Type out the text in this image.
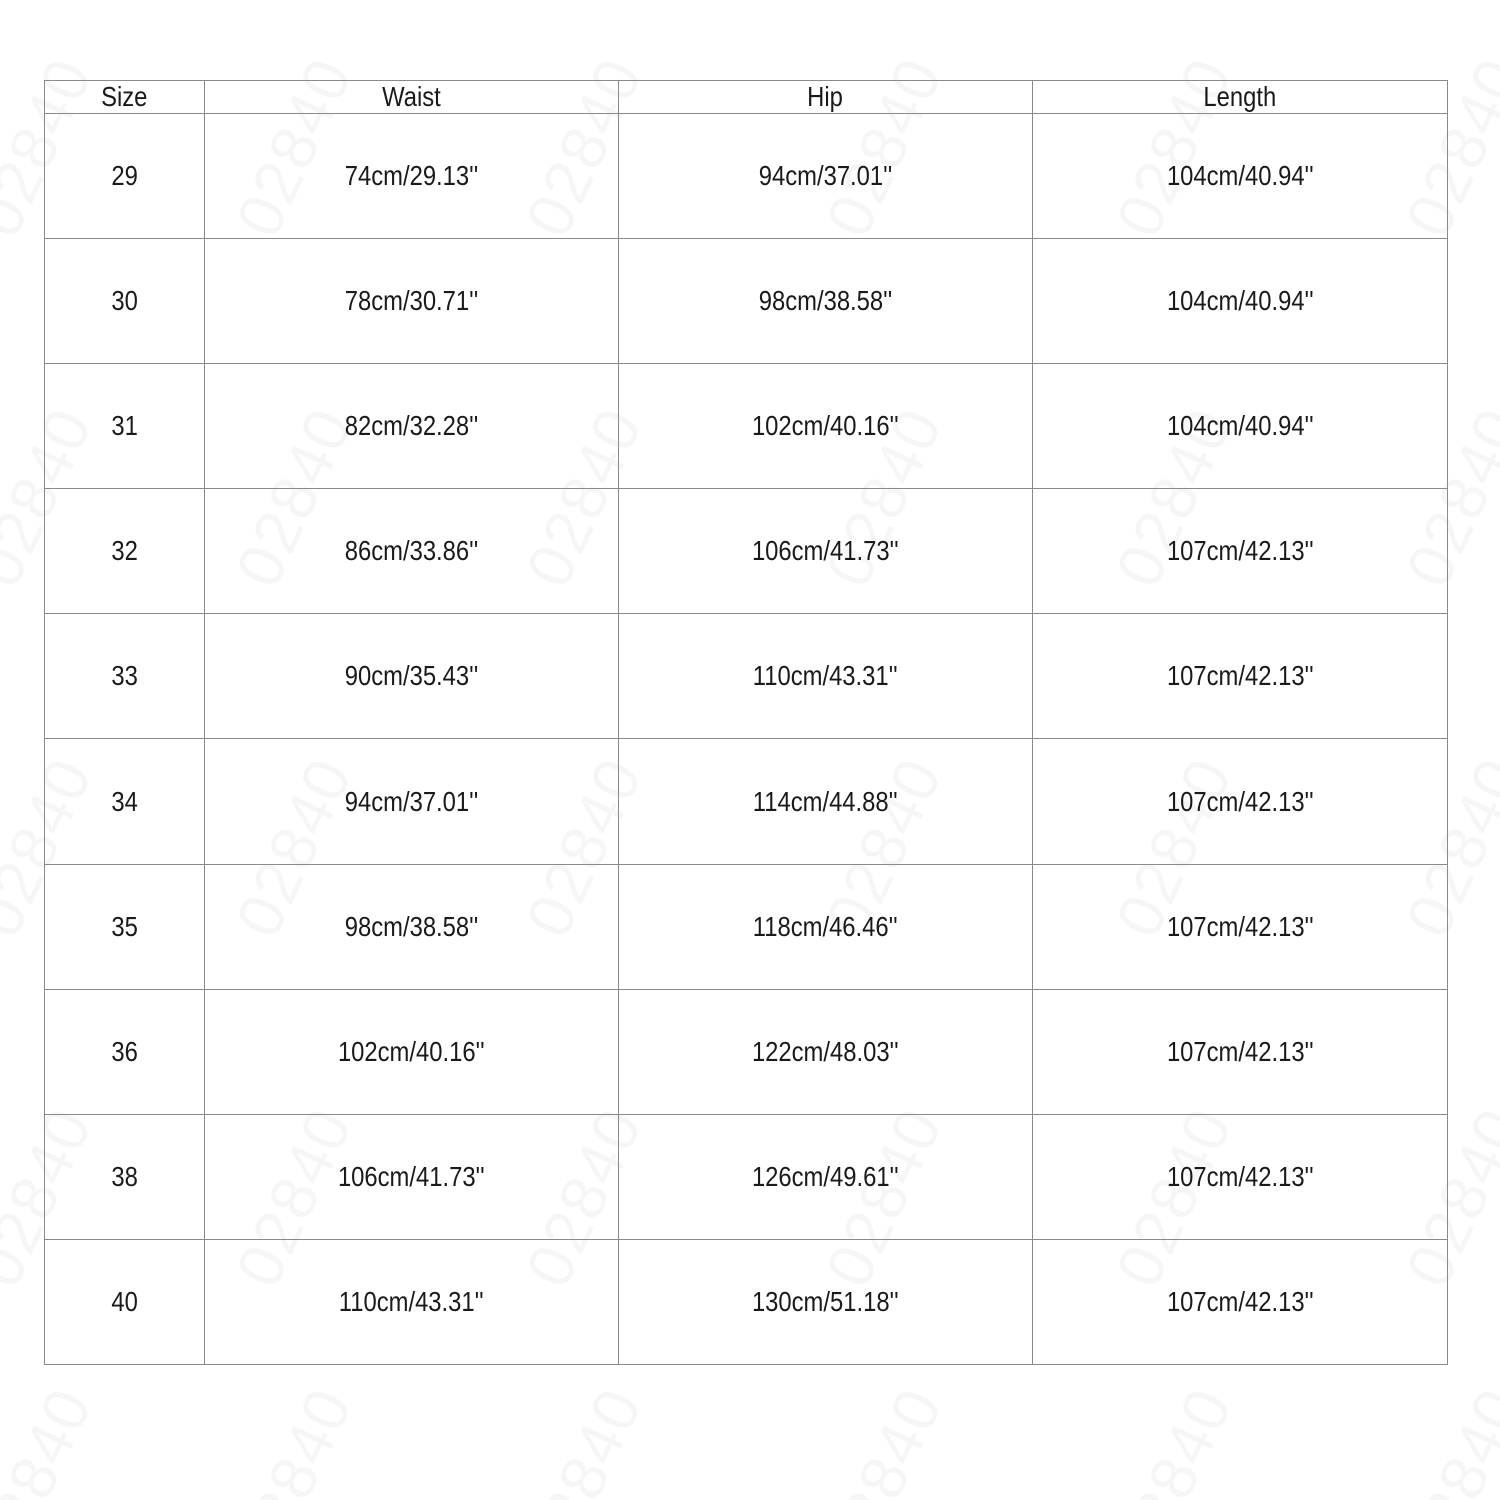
Size	Waist	Hip	Length
29	74cm/29.13''	94cm/37.01''	104cm/40.94''
30	78cm/30.71''	98cm/38.58''	104cm/40.94''
31	82cm/32.28''	102cm/40.16''	104cm/40.94''
32	86cm/33.86''	106cm/41.73''	107cm/42.13''
33	90cm/35.43''	110cm/43.31''	107cm/42.13''
34	94cm/37.01''	114cm/44.88''	107cm/42.13''
35	98cm/38.58''	118cm/46.46''	107cm/42.13''
36	102cm/40.16''	122cm/48.03''	107cm/42.13''
38	106cm/41.73''	126cm/49.61''	107cm/42.13''
40	110cm/43.31''	130cm/51.18''	107cm/42.13''
